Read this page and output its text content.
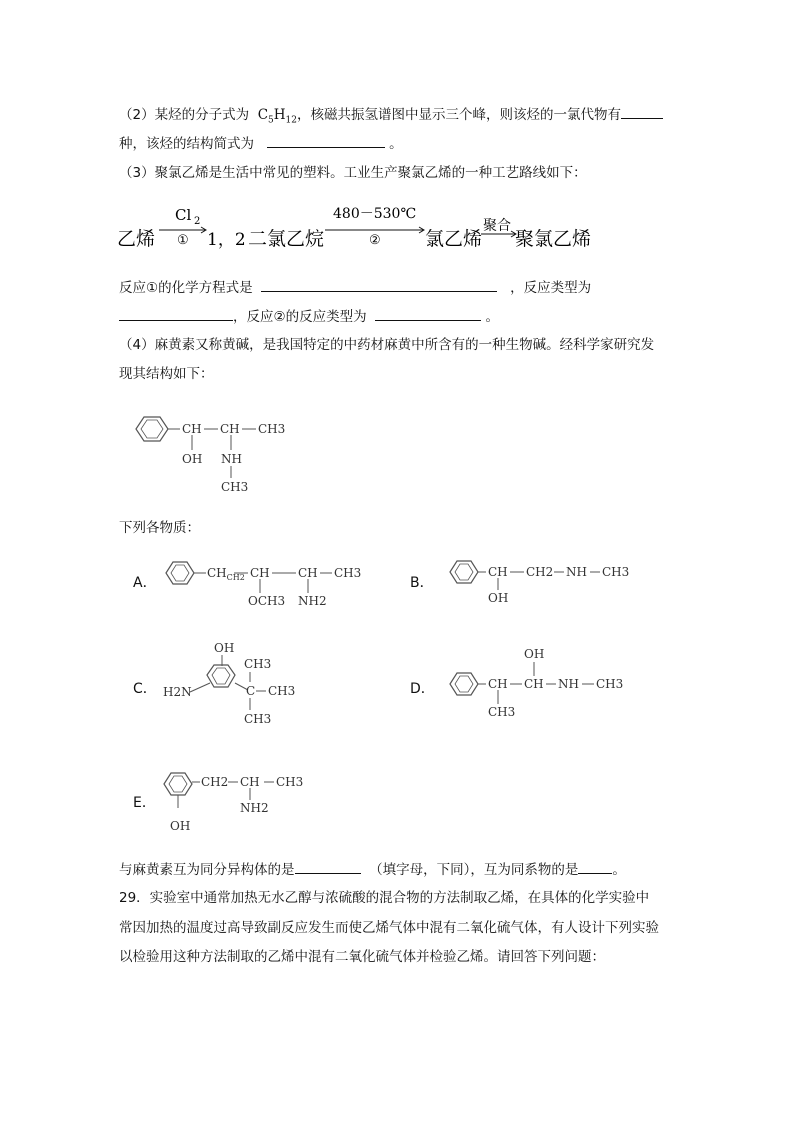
（2）某烃的分子式为 $C_5H_{12}$，核磁共振氢谱图中显示三个峰，则该烃的一氯代物有
种，该烃的结构简式为	。
（3）聚氯乙烯是生活中常见的塑料。工业生产聚氯乙烯的一种工艺路线如下：
乙烯
Cl 2
① 1，2 二氯乙烷
480－530℃
② 氯乙烯
聚合
聚氯乙烯
反应①的化学方程式是	，反应类型为
，反应②的反应类型为	。
（4）麻黄素又称黄碱，是我国特定的中药材麻黄中所含有的一种生物碱。经科学家研究发
现其结构如下：
CH CH CH3
OH NH
CH3
下列各物质：
A．
$CH_{CH2}$ CH CH CH3
OCH3 NH2
B．
CH CH2 NH CH3
OH
C．
OH
H2N	C
CH3
CH3
CH3
D．	CH CH NH CH3
OH
CH3
E．
CH2 CH CH3
NH2
OH
与麻黄素互为同分异构体的是	（填字母，下同），互为同系物的是	。
29．实验室中通常加热无水乙醇与浓硫酸的混合物的方法制取乙烯，在具体的化学实验中
常因加热的温度过高导致副反应发生而使乙烯气体中混有二氧化硫气体，有人设计下列实验
以检验用这种方法制取的乙烯中混有二氧化硫气体并检验乙烯。请回答下列问题：
